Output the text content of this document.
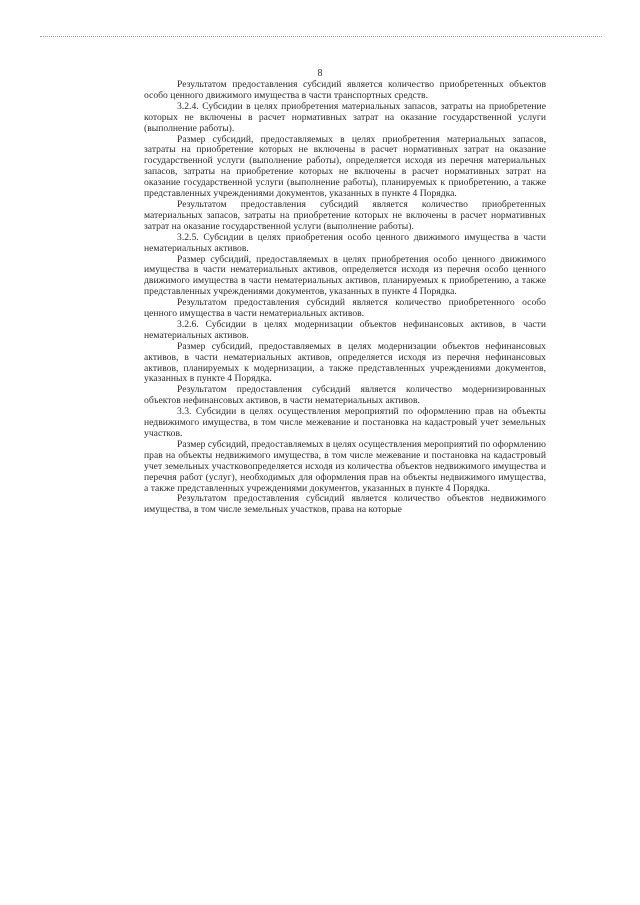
8

Результатом предоставления субсидий является количество приобретенных объектов особо ценного движимого имущества в части транспортных средств.

3.2.4. Субсидии в целях приобретения материальных запасов, затраты на приобретение которых не включены в расчет нормативных затрат на оказание государственной услуги (выполнение работы).

Размер субсидий, предоставляемых в целях приобретения материальных запасов, затраты на приобретение которых не включены в расчет нормативных затрат на оказание государственной услуги (выполнение работы), определяется исходя из перечня материальных запасов, затраты на приобретение которых не включены в расчет нормативных затрат на оказание государственной услуги (выполнение работы), планируемых к приобретению, а также представленных учреждениями документов, указанных в пункте 4 Порядка.

Результатом предоставления субсидий является количество приобретенных материальных запасов, затраты на приобретение которых не включены в расчет нормативных затрат на оказание государственной услуги (выполнение работы).

3.2.5. Субсидии в целях приобретения особо ценного движимого имущества в части нематериальных активов.

Размер субсидий, предоставляемых в целях приобретения особо ценного движимого имущества в части нематериальных активов, определяется исходя из перечня особо ценного движимого имущества в части нематериальных активов, планируемых к приобретению, а также представленных учреждениями документов, указанных в пункте 4 Порядка.

Результатом предоставления субсидий является количество приобретенного особо ценного имущества в части нематериальных активов.

3.2.6. Субсидии в целях модернизации объектов нефинансовых активов, в части нематериальных активов.

Размер субсидий, предоставляемых в целях модернизации объектов нефинансовых активов, в части нематериальных активов, определяется исходя из перечня нефинансовых активов, планируемых к модернизации, а также представленных учреждениями документов, указанных в пункте 4 Порядка.

Результатом предоставления субсидий является количество модернизированных объектов нефинансовых активов, в части нематериальных активов.

3.3. Субсидии в целях осуществления мероприятий по оформлению прав на объекты недвижимого имущества, в том числе межевание и постановка на кадастровый учет земельных участков.

Размер субсидий, предоставляемых в целях осуществления мероприятий по оформлению прав на объекты недвижимого имущества, в том числе межевание и постановка на кадастровый учет земельных участковопределяется исходя из количества объектов недвижимого имущества и перечня работ (услуг), необходимых для оформления прав на объекты недвижимого имущества, а также представленных учреждениями документов, указанных в пункте 4 Порядка.

Результатом предоставления субсидий является количество объектов недвижимого имущества, в том числе земельных участков, права на которые
